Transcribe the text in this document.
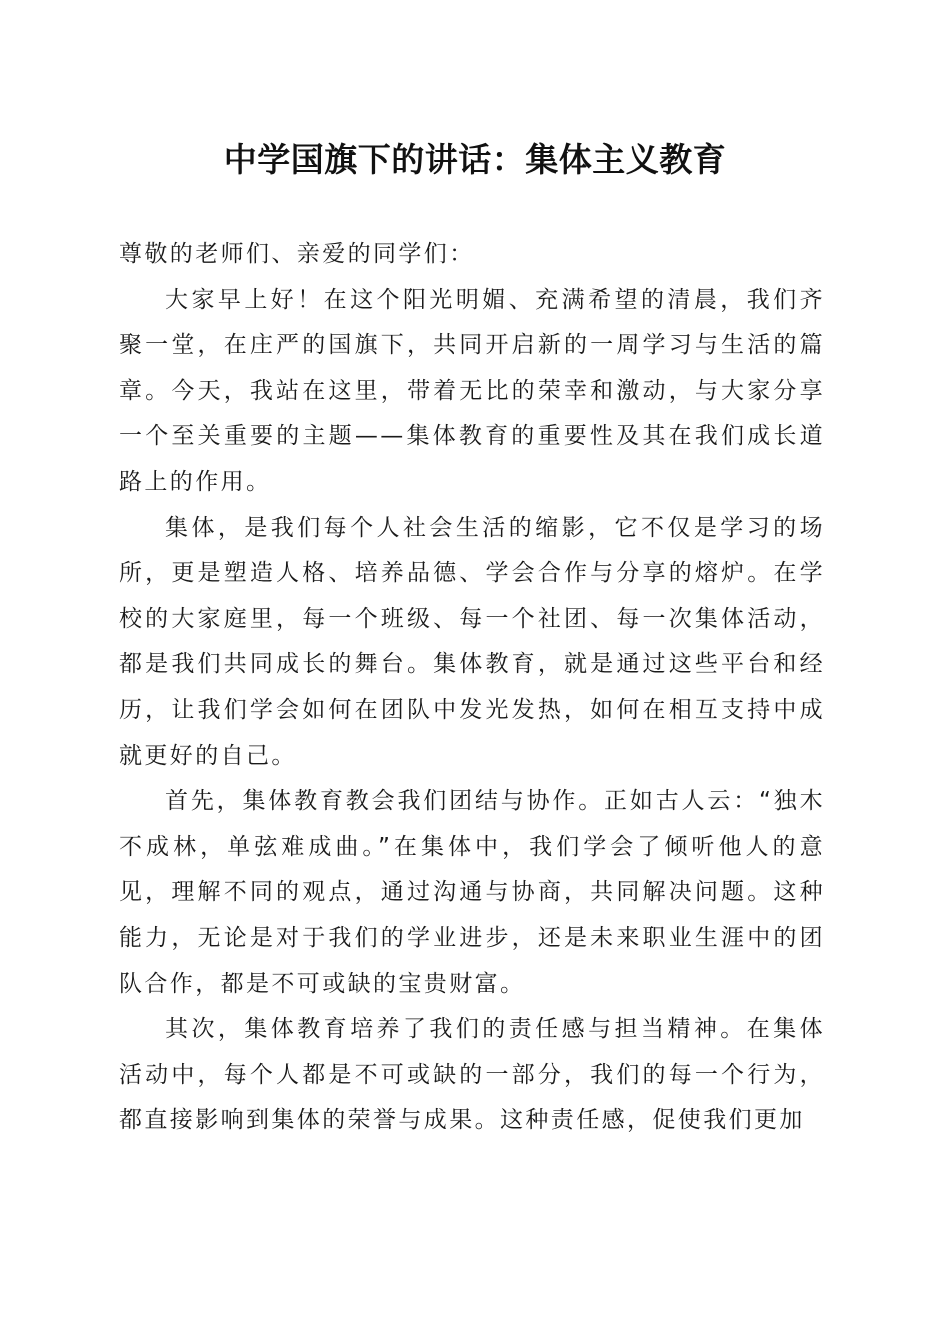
中学国旗下的讲话：集体主义教育

尊敬的老师们、亲爱的同学们：

大家早上好！在这个阳光明媚、充满希望的清晨，我们齐聚一堂，在庄严的国旗下，共同开启新的一周学习与生活的篇章。今天，我站在这里，带着无比的荣幸和激动，与大家分享一个至关重要的主题——集体教育的重要性及其在我们成长道路上的作用。

集体，是我们每个人社会生活的缩影，它不仅是学习的场所，更是塑造人格、培养品德、学会合作与分享的熔炉。在学校的大家庭里，每一个班级、每一个社团、每一次集体活动，都是我们共同成长的舞台。集体教育，就是通过这些平台和经历，让我们学会如何在团队中发光发热，如何在相互支持中成就更好的自己。

首先，集体教育教会我们团结与协作。正如古人云：“独木不成林，单弦难成曲。”在集体中，我们学会了倾听他人的意见，理解不同的观点，通过沟通与协商，共同解决问题。这种能力，无论是对于我们的学业进步，还是未来职业生涯中的团队合作，都是不可或缺的宝贵财富。

其次，集体教育培养了我们的责任感与担当精神。在集体活动中，每个人都是不可或缺的一部分，我们的每一个行为，都直接影响到集体的荣誉与成果。这种责任感，促使我们更加
